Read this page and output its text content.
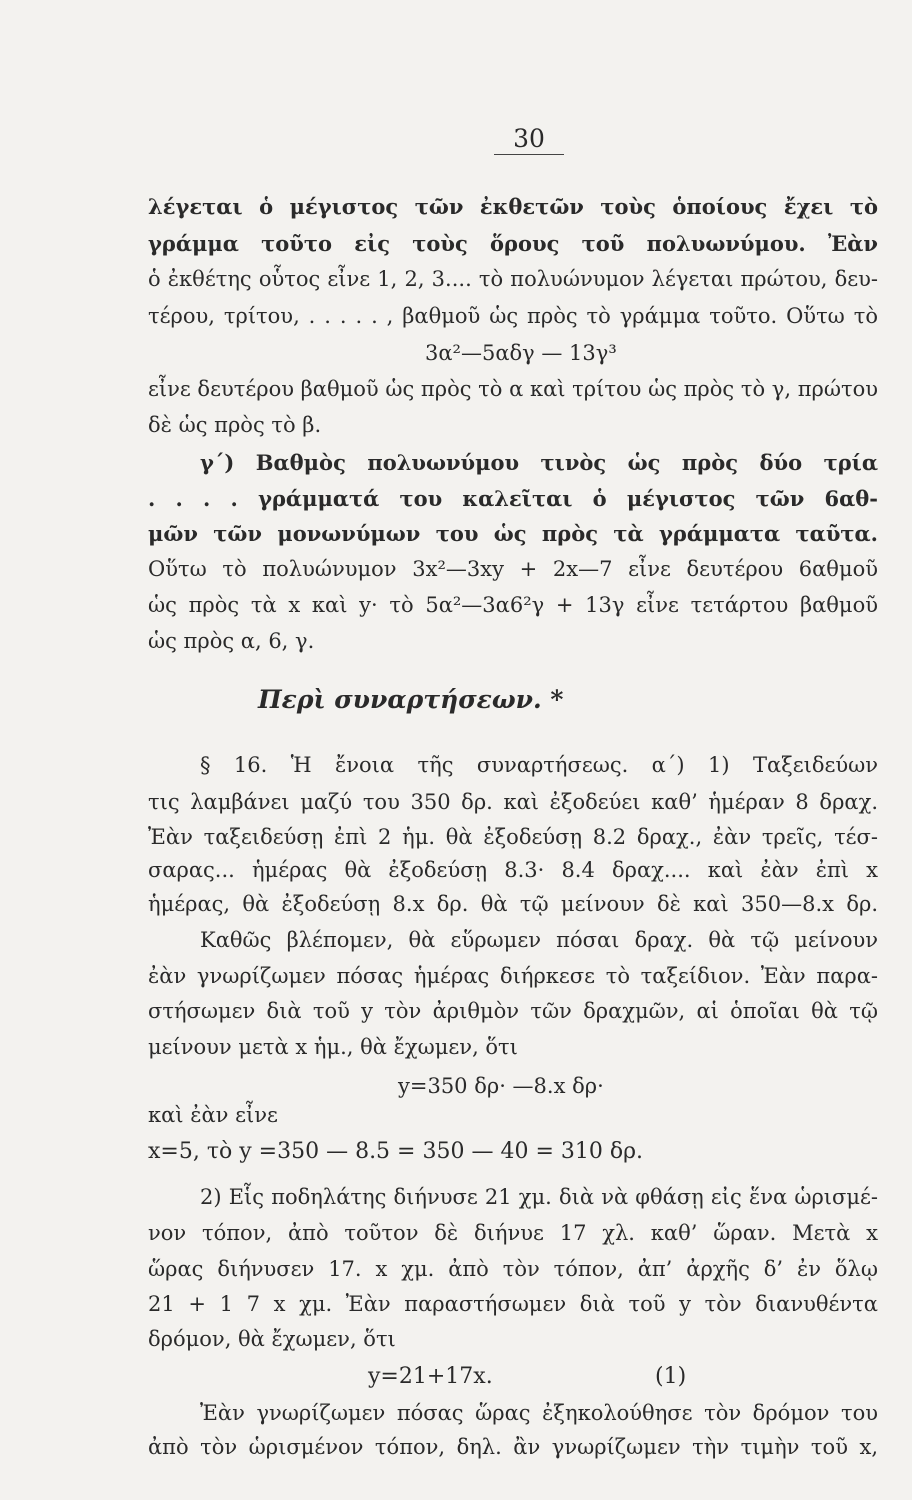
30
λέγεται ὁ μέγιστος τῶν ἐκθετῶν τοὺς ὁποίους ἔχει τὸ
γράμμα τοῦτο εἰς τοὺς ὅρους τοῦ πολυωνύμου. Ἐὰν
ὁ ἐκθέτης οὗτος εἶνε 1, 2, 3.... τὸ πολυώνυμον λέγεται πρώτου, δευ-
τέρου, τρίτου, . . . . . , βαθμοῦ ὡς πρὸς τὸ γράμμα τοῦτο. Οὕτω τὸ
3α²—5αδγ — 13γ³
εἶνε δευτέρου βαθμοῦ ὡς πρὸς τὸ α καὶ τρίτου ὡς πρὸς τὸ γ, πρώτου
δὲ ὡς πρὸς τὸ β.
γ΄) Βαθμὸς πολυωνύμου τινὸς ὡς πρὸς δύο τρία
. . . . γράμματά του καλεῖται ὁ μέγιστος τῶν 6αθ-
μῶν τῶν μονωνύμων του ὡς πρὸς τὰ γράμματα ταῦτα.
Οὕτω τὸ πολυώνυμον 3x²—3xy + 2x—7 εἶνε δευτέρου 6αθμοῦ
ὡς πρὸς τὰ x καὶ y· τὸ 5α²—3α6²γ + 13γ εἶνε τετάρτου βαθμοῦ
ὡς πρὸς α, 6, γ.
Περὶ συναρτήσεων. *
§ 16. Ἡ ἔνοια τῆς συναρτήσεως. α΄) 1) Ταξειδεύων
τις λαμβάνει μαζύ του 350 δρ. καὶ ἐξοδεύει καθ’ ἡμέραν 8 δραχ.
Ἐὰν ταξειδεύσῃ ἐπὶ 2 ἡμ. θὰ ἐξοδεύσῃ 8.2 δραχ., ἐὰν τρεῖς, τέσ-
σαρας... ἡμέρας θὰ ἐξοδεύσῃ 8.3· 8.4 δραχ.... καὶ ἐὰν ἐπὶ x
ἡμέρας, θὰ ἐξοδεύσῃ 8.x δρ. θὰ τῷ μείνουν δὲ καὶ 350—8.x δρ.
Καθῶς βλέπομεν, θὰ εὕρωμεν πόσαι δραχ. θὰ τῷ μείνουν
ἐὰν γνωρίζωμεν πόσας ἡμέρας διήρκεσε τὸ ταξείδιον. Ἐὰν παρα-
στήσωμεν διὰ τοῦ y τὸν ἀριθμὸν τῶν δραχμῶν, αἱ ὁποῖαι θὰ τῷ
μείνουν μετὰ x ἡμ., θὰ ἔχωμεν, ὅτι
y=350 δρ· —8.x δρ·
καὶ ἐὰν εἶνε
x=5, τὸ y =350 — 8.5 = 350 — 40 = 310 δρ.
2) Εἷς ποδηλάτης διήνυσε 21 χμ. διὰ νὰ φθάσῃ εἰς ἕνα ὡρισμέ-
νον τόπον, ἀπὸ τοῦτον δὲ διήνυε 17 χλ. καθ’ ὥραν. Μετὰ x
ὥρας διήνυσεν 17. x χμ. ἀπὸ τὸν τόπον, ἀπ’ ἀρχῆς δ’ ἐν ὅλῳ
21 + 1 7 x χμ. Ἐὰν παραστήσωμεν διὰ τοῦ y τὸν διανυθέντα
δρόμον, θὰ ἔχωμεν, ὅτι
y=21+17x.	(1)
Ἐὰν γνωρίζωμεν πόσας ὥρας ἐξηκολούθησε τὸν δρόμον του
ἀπὸ τὸν ὡρισμένον τόπον, δηλ. ἂν γνωρίζωμεν τὴν τιμὴν τοῦ x,
